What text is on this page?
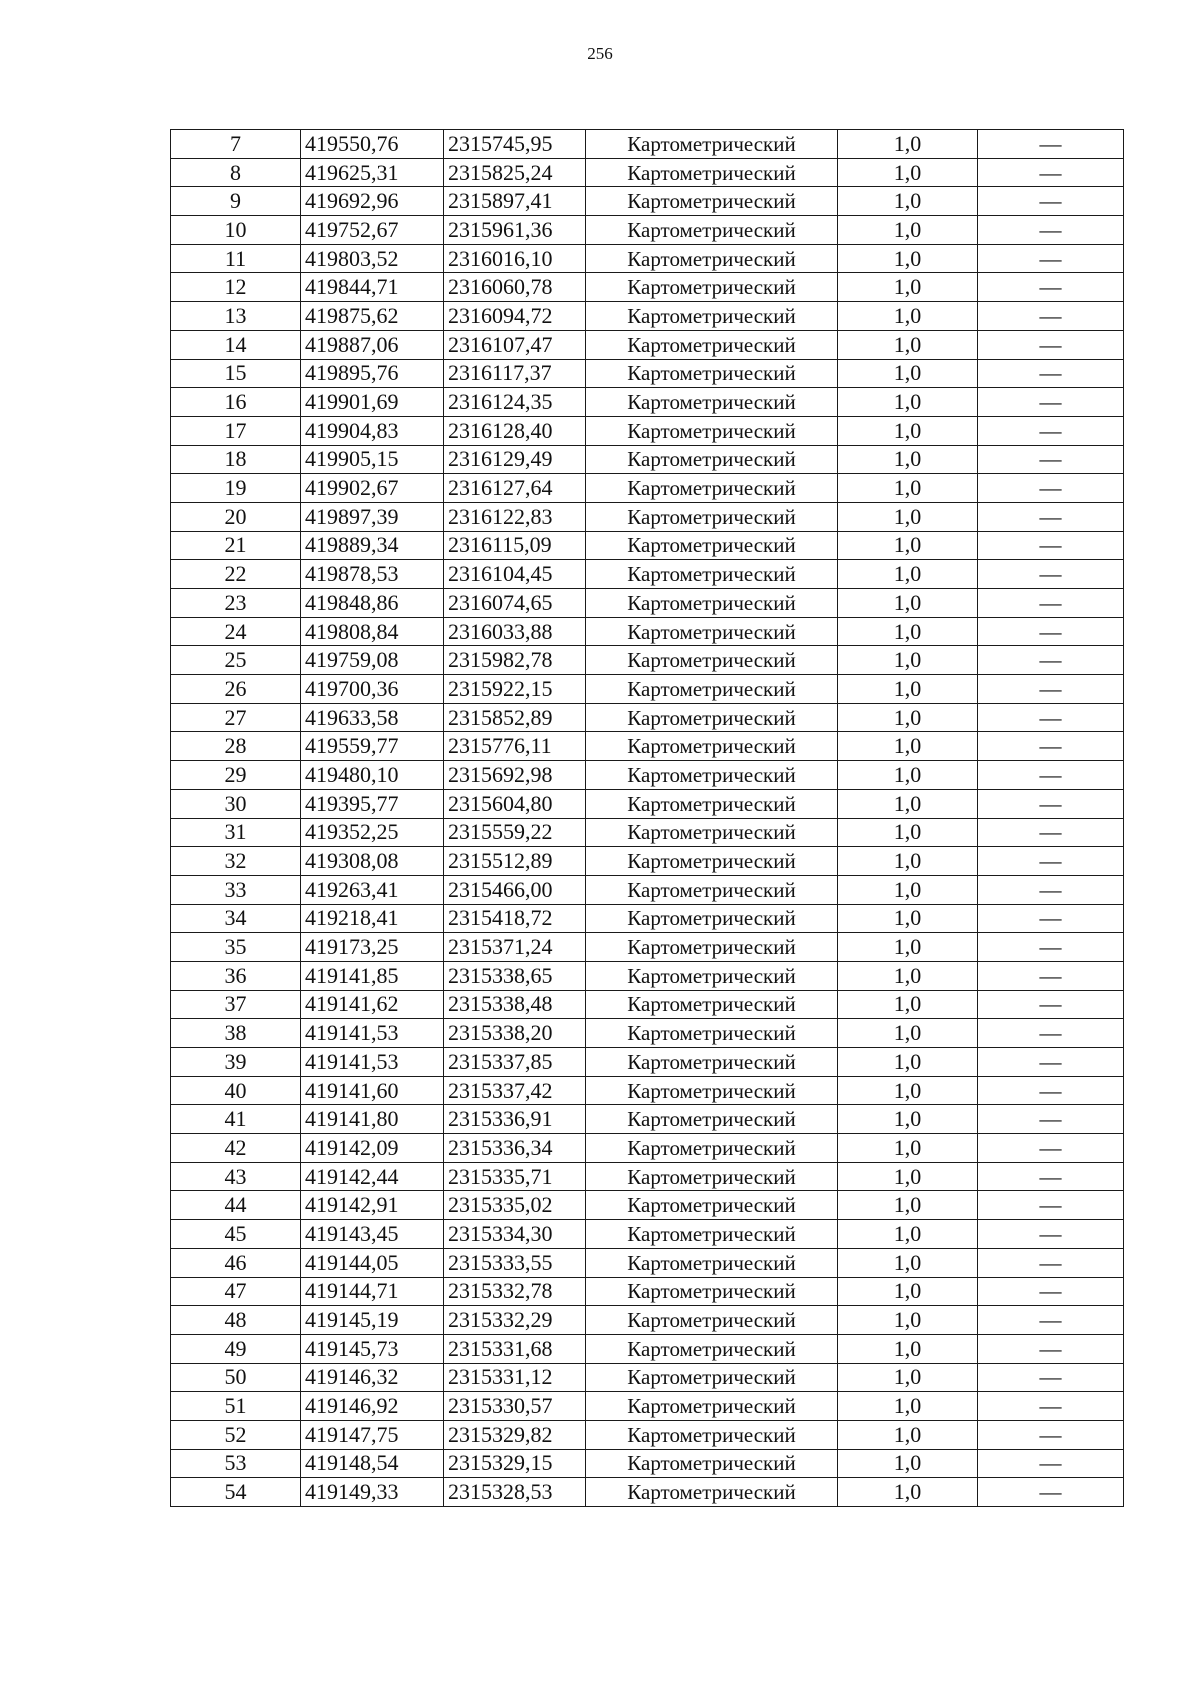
256
7	419550,76	2315745,95	Картометрический	1,0	—
8	419625,31	2315825,24	Картометрический	1,0	—
9	419692,96	2315897,41	Картометрический	1,0	—
10	419752,67	2315961,36	Картометрический	1,0	—
11	419803,52	2316016,10	Картометрический	1,0	—
12	419844,71	2316060,78	Картометрический	1,0	—
13	419875,62	2316094,72	Картометрический	1,0	—
14	419887,06	2316107,47	Картометрический	1,0	—
15	419895,76	2316117,37	Картометрический	1,0	—
16	419901,69	2316124,35	Картометрический	1,0	—
17	419904,83	2316128,40	Картометрический	1,0	—
18	419905,15	2316129,49	Картометрический	1,0	—
19	419902,67	2316127,64	Картометрический	1,0	—
20	419897,39	2316122,83	Картометрический	1,0	—
21	419889,34	2316115,09	Картометрический	1,0	—
22	419878,53	2316104,45	Картометрический	1,0	—
23	419848,86	2316074,65	Картометрический	1,0	—
24	419808,84	2316033,88	Картометрический	1,0	—
25	419759,08	2315982,78	Картометрический	1,0	—
26	419700,36	2315922,15	Картометрический	1,0	—
27	419633,58	2315852,89	Картометрический	1,0	—
28	419559,77	2315776,11	Картометрический	1,0	—
29	419480,10	2315692,98	Картометрический	1,0	—
30	419395,77	2315604,80	Картометрический	1,0	—
31	419352,25	2315559,22	Картометрический	1,0	—
32	419308,08	2315512,89	Картометрический	1,0	—
33	419263,41	2315466,00	Картометрический	1,0	—
34	419218,41	2315418,72	Картометрический	1,0	—
35	419173,25	2315371,24	Картометрический	1,0	—
36	419141,85	2315338,65	Картометрический	1,0	—
37	419141,62	2315338,48	Картометрический	1,0	—
38	419141,53	2315338,20	Картометрический	1,0	—
39	419141,53	2315337,85	Картометрический	1,0	—
40	419141,60	2315337,42	Картометрический	1,0	—
41	419141,80	2315336,91	Картометрический	1,0	—
42	419142,09	2315336,34	Картометрический	1,0	—
43	419142,44	2315335,71	Картометрический	1,0	—
44	419142,91	2315335,02	Картометрический	1,0	—
45	419143,45	2315334,30	Картометрический	1,0	—
46	419144,05	2315333,55	Картометрический	1,0	—
47	419144,71	2315332,78	Картометрический	1,0	—
48	419145,19	2315332,29	Картометрический	1,0	—
49	419145,73	2315331,68	Картометрический	1,0	—
50	419146,32	2315331,12	Картометрический	1,0	—
51	419146,92	2315330,57	Картометрический	1,0	—
52	419147,75	2315329,82	Картометрический	1,0	—
53	419148,54	2315329,15	Картометрический	1,0	—
54	419149,33	2315328,53	Картометрический	1,0	—
